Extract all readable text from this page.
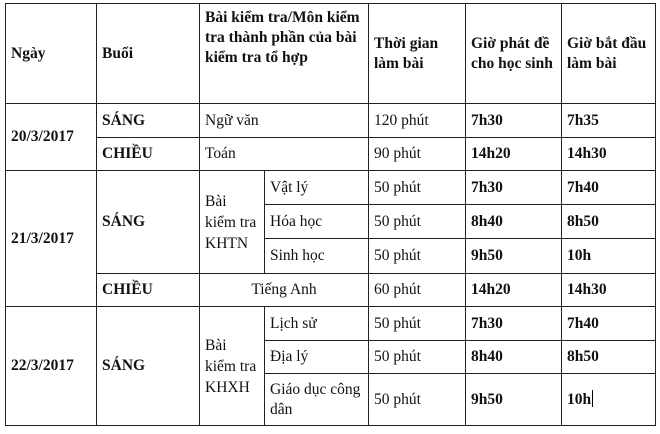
Ngày	Buổi	Bài kiểm tra/Môn kiểm tra thành phần của bài kiểm tra tổ hợp		Thời gian làm bài	Giờ phát đề cho học sinh	Giờ bắt đầu làm bài
20/3/2017	SÁNG	Ngữ văn		120 phút	7h30	7h35
	CHIỀU	Toán		90 phút	14h20	14h30
21/3/2017	SÁNG	Bài kiểm tra KHTN	Vật lý	50 phút	7h30	7h40
			Hóa học	50 phút	8h40	8h50
			Sinh học	50 phút	9h50	10h
	CHIỀU	Tiếng Anh		60 phút	14h20	14h30
22/3/2017	SÁNG	Bài kiểm tra KHXH	Lịch sử	50 phút	7h30	7h40
			Địa lý	50 phút	8h40	8h50
			Giáo dục công dân	50 phút	9h50	10h
